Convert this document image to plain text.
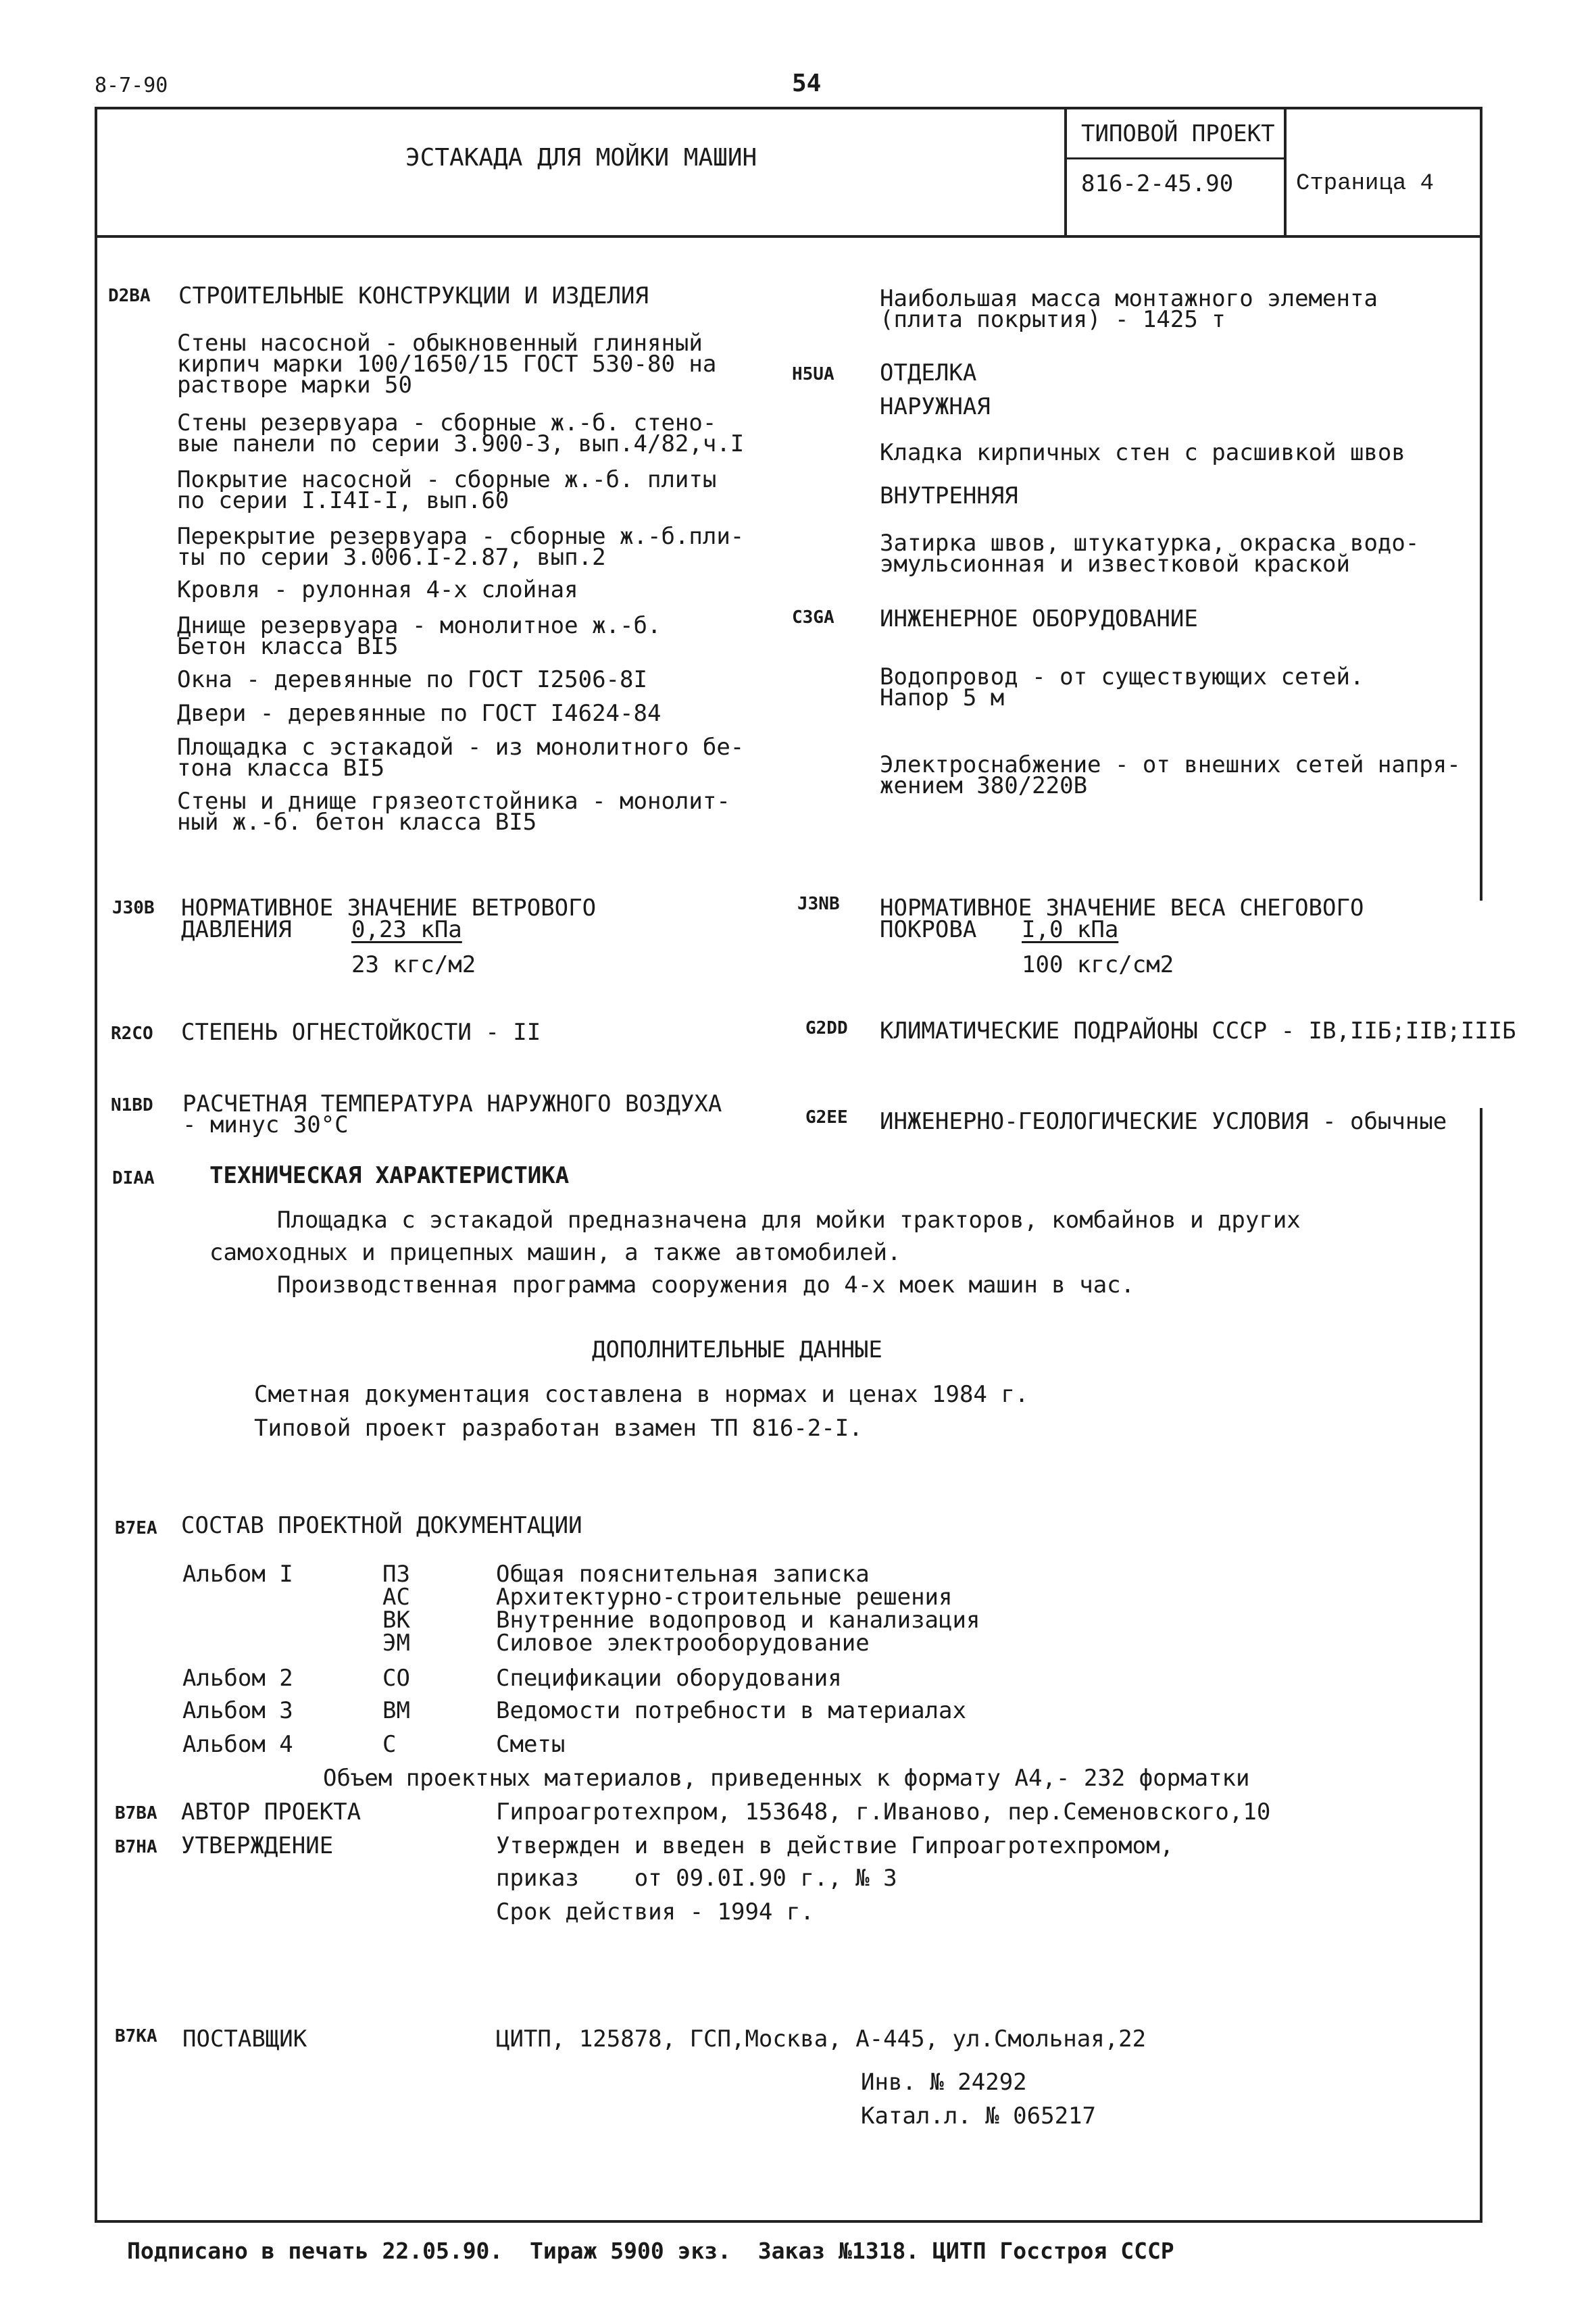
8-7-90	54
ЭСТАКАДА ДЛЯ МОЙКИ МАШИН
ТИПОВОЙ ПРОЕКТ
816-2-45.90	Страница 4
D2BA СТРОИТЕЛЬНЫЕ КОНСТРУКЦИИ И ИЗДЕЛИЯ
Стены насосной - обыкновенный глиняный
кирпич марки 100/1650/15 ГОСТ 530-80 на
растворе марки 50
Стены резервуара - сборные ж.-б. стено-
вые панели по серии 3.900-3, вып.4/82,ч.I
Покрытие насосной - сборные ж.-б. плиты
по серии I.I4I-I, вып.60
Перекрытие резервуара - сборные ж.-б.пли-
ты по серии 3.006.I-2.87, вып.2
Кровля - рулонная 4-х слойная
Днище резервуара - монолитное ж.-б.
Бетон класса BI5
Окна - деревянные по ГОСТ I2506-8I
Двери - деревянные по ГОСТ I4624-84
Площадка с эстакадой - из монолитного бе-
тона класса BI5
Стены и днище грязеотстойника - монолит-
ный ж.-б. бетон класса BI5
Наибольшая масса монтажного элемента
(плита покрытия) - 1425 т
H5UA ОТДЕЛКА
НАРУЖНАЯ
Кладка кирпичных стен с расшивкой швов
ВНУТРЕННЯЯ
Затирка швов, штукатурка, окраска водо-
эмульсионная и известковой краской
C3GA ИНЖЕНЕРНОЕ ОБОРУДОВАНИЕ
Водопровод - от существующих сетей.
Напор 5 м
Электроснабжение - от внешних сетей напря-
жением 380/220В
J30B НОРМАТИВНОЕ ЗНАЧЕНИЕ ВЕТРОВОГО
ДАВЛЕНИЯ	0,23 кПа
23 кгс/м2
J3NB НОРМАТИВНОЕ ЗНАЧЕНИЕ ВЕСА СНЕГОВОГО
ПОКРОВА I,0 кПа
100 кгс/см2
R2CO СТЕПЕНЬ ОГНЕСТОЙКОСТИ - II	G2DD КЛИМАТИЧЕСКИЕ ПОДРАЙОНЫ СССР - IB,IIБ;IIB;IIIБ
N1BD РАСЧЕТНАЯ ТЕМПЕРАТУРА НАРУЖНОГО ВОЗДУХА
- минус 30°С	G2EE ИНЖЕНЕРНО-ГЕОЛОГИЧЕСКИЕ УСЛОВИЯ - обычные
DIAA ТЕХНИЧЕСКАЯ ХАРАКТЕРИСТИКА
Площадка с эстакадой предназначена для мойки тракторов, комбайнов и других
самоходных и прицепных машин, а также автомобилей.
Производственная программа сооружения до 4-х моек машин в час.
ДОПОЛНИТЕЛЬНЫЕ ДАННЫЕ
Сметная документация составлена в нормах и ценах 1984 г.
Типовой проект разработан взамен ТП 816-2-I.
B7EA СОСТАВ ПРОЕКТНОЙ ДОКУМЕНТАЦИИ
Альбом I	ПЗ	Общая пояснительная записка
АС	Архитектурно-строительные решения
ВК	Внутренние водопровод и канализация
ЭМ	Силовое электрооборудование
Альбом 2	СО	Спецификации оборудования
Альбом 3	ВМ	Ведомости потребности в материалах
Альбом 4	С	Сметы
Объем проектных материалов, приведенных к формату А4,- 232 форматки
B7BA АВТОР ПРОЕКТА	Гипроагротехпром, 153648, г.Иваново, пер.Семеновского,10
B7HA УТВЕРЖДЕНИЕ	Утвержден и введен в действие Гипроагротехпромом,
приказ    от 09.0I.90 г., № 3
Срок действия - 1994 г.
B7KA ПОСТАВЩИК	ЦИТП, 125878, ГСП,Москва, А-445, ул.Смольная,22
Инв. № 24292
Катал.л. № 065217
Подписано в печать 22.05.90.  Тираж 5900 экз.  Заказ №1318. ЦИТП Госстроя СССР
